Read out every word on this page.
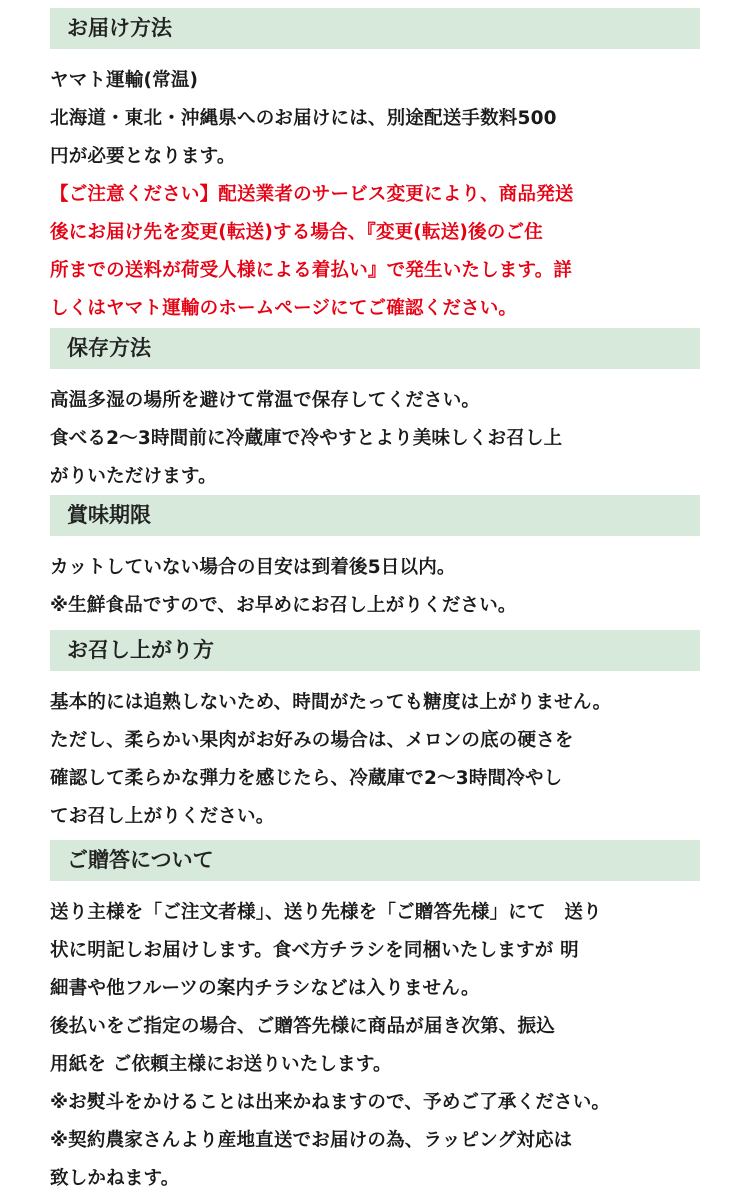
お届け方法
ヤマト運輸(常温)
北海道・東北・沖縄県へのお届けには、別途配送手数料500
円が必要となります。
【ご注意ください】配送業者のサービス変更により、商品発送
後にお届け先を変更(転送)する場合、『変更(転送)後のご住
所までの送料が荷受人様による着払い』で発生いたします。詳
しくはヤマト運輸のホームページにてご確認ください。
保存方法
高温多湿の場所を避けて常温で保存してください。
食べる2〜3時間前に冷蔵庫で冷やすとより美味しくお召し上
がりいただけます。
賞味期限
カットしていない場合の目安は到着後5日以内。
※生鮮食品ですので、お早めにお召し上がりください。
お召し上がり方
基本的には追熟しないため、時間がたっても糖度は上がりません。
ただし、柔らかい果肉がお好みの場合は、メロンの底の硬さを
確認して柔らかな弾力を感じたら、冷蔵庫で2〜3時間冷やし
てお召し上がりください。
ご贈答について
送り主様を「ご注文者様」、送り先様を「ご贈答先様」にて　送り
状に明記しお届けします。食べ方チラシを同梱いたしますが 明
細書や他フルーツの案内チラシなどは入りません。
後払いをご指定の場合、ご贈答先様に商品が届き次第、振込
用紙を ご依頼主様にお送りいたします。
※お熨斗をかけることは出来かねますので、予めご了承ください。
※契約農家さんより産地直送でお届けの為、ラッピング対応は
致しかねます。
